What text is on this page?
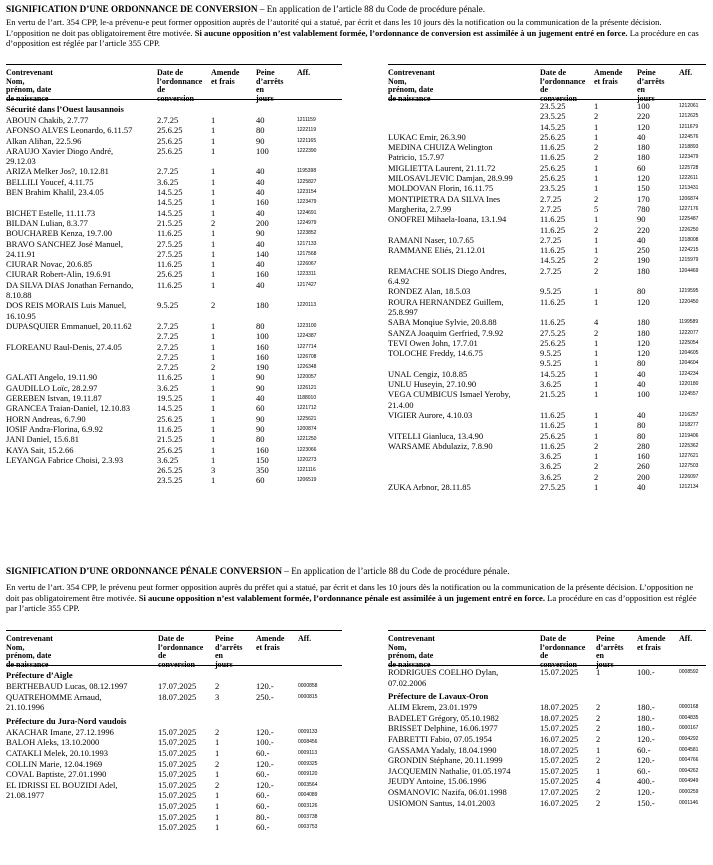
SIGNIFICATION D’UNE ORDONNANCE DE CONVERSION – En application de l’article 88 du Code de procédure pénale.
En vertu de l’art. 354 CPP, le-a prévenu-e peut former opposition auprès de l’autorité qui a statué, par écrit et dans les 10 jours dès la notification ou la communication de la présente décision. L’opposition ne doit pas obligatoirement être motivée. Si aucune opposition n’est valablement formée, l’ordonnance de conversion est assimilée à un jugement entré en force. La procédure en cas d’opposition est réglée par l’article 355 CPP.
Contrevenant
Nom, prénom, date de naissance
Date de
l’ordonnance
de conversion
Amende
et frais
Peine
d’arrêts
en jours
Aff.
Sécurité dans l’Ouest lausannois
ABOUN Chakib, 2.7.77	2.7.25	1	40	1211159
AFONSO ALVES Leonardo, 6.11.57	25.6.25	1	80	1222119
Alkan Alihan, 22.5.96	25.6.25	1	90	1221165
ARAUJO Xavier Diogo André,	25.6.25	1	100	1222390
29.12.03
ARIZA Melker Jos?, 10.12.81	2.7.25	1	40	1195398
BELLILI Youcef, 4.11.75	3.6.25	1	40	1225827
BEN Brahim Khalil, 23.4.05	14.5.25	1	40	1223154
14.5.25	1	160	1223479
BICHET Estelle, 11.11.73	14.5.25	1	40	1224691
BILDAN Lulian, 8.3.77	21.5.25	2	200	1224979
BOUCHAREB Kenza, 19.7.00	11.6.25	1	90	1223852
BRAVO SANCHEZ José Manuel,	27.5.25	1	40	1217133
24.11.91	27.5.25	1	140	1217568
CIURAR Novac, 20.6.85	11.6.25	1	40	1226067
CIURAR Robert-Alin, 19.6.91	25.6.25	1	160	1223311
DA SILVA DIAS Jonathan Fernando,	11.6.25	1	40	1217427
8.10.88
DOS REIS MORAIS Luis Manuel,	9.5.25	2	180	1220113
16.10.95
DUPASQUIER Emmanuel, 20.11.62	2.7.25	1	80	1223100
2.7.25	1	100	1224387
FLOREANU Raul-Denis, 27.4.05	2.7.25	1	160	1227714
2.7.25	1	160	1226708
2.7.25	2	190	1226348
GALATI Angelo, 19.11.90	11.6.25	1	90	1220057
GAUDILLO Loïc, 28.2.97	3.6.25	1	90	1226121
GEREBEN Istvan, 19.11.87	19.5.25	1	40	1188010
GRANCEA Traian-Daniel, 12.10.83	14.5.25	1	60	1221712
HORN Andreas, 6.7.90	25.6.25	1	90	1225621
IOSIF Andra-Florina, 6.9.92	11.6.25	1	90	1200874
JANI Daniel, 15.6.81	21.5.25	1	80	1221250
KAYA Sait, 15.2.66	25.6.25	1	160	1223066
LEYANGA Fabrice Choisi, 2.3.93	3.6.25	1	150	1220273
26.5.25	3	350	1221116
23.5.25	1	60	1206519
Contrevenant
Nom, prénom, date de naissance
Date de
l’ordonnance
de conversion
Amende
et frais
Peine
d’arrêts
en jours
Aff.
23.5.25	1	100	1212061
23.5.25	2	220	1212625
14.5.25	1	120	1211679
LUKAC Emir, 26.3.90	25.6.25	1	40	1224576
MEDINA CHUIZA Welington	11.6.25	2	180	1218893
Patricio, 15.7.97	11.6.25	2	180	1223479
MIGLIETTA Laurent, 21.11.72	25.6.25	1	60	1225728
MILOSAVLJEVIC Damjan, 28.9.99	25.6.25	1	120	1222611
MOLDOVAN Florin, 16.11.75	23.5.25	1	150	1213431
MONTIPIETRA DA SILVA Ines	2.7.25	2	170	1206874
Margherita, 2.7.99	2.7.25	5	780	1227176
ONOFREI Mihaela-Ioana, 13.1.94	11.6.25	1	90	1225487
11.6.25	2	220	1226250
RAMANI Naser, 10.7.65	2.7.25	1	40	1218008
RAMMANE Eliés, 21.12.01	11.6.25	1	250	1224215
14.5.25	2	190	1215979
REMACHE SOLIS Diego Andres,	2.7.25	2	180	1204469
6.4.92
RONDEZ Alan, 18.5.03	9.5.25	1	80	1219595
ROURA HERNANDEZ Guillem,	11.6.25	1	120	1220450
25.8.997
SABA Monqiue Sylvie, 20.8.88	11.6.25	4	180	1199589
SANZA Joaquim Gerfried, 7.9.92	27.5.25	2	180	1222077
TEVI Owen John, 17.7.01	25.6.25	1	120	1225054
TOLOCHE Freddy, 14.6.75	9.5.25	1	120	1204605
9.5.25	1	80	1204604
UNAL Cengiz, 10.8.85	14.5.25	1	40	1224234
UNLU Huseyin, 27.10.90	3.6.25	1	40	1220180
VEGA CUMBICUS Ismael Yeroby,	21.5.25	1	100	1224557
21.4.00
VIGIER Aurore, 4.10.03	11.6.25	1	40	1216257
11.6.25	1	80	1218277
VITELLI Gianluca, 13.4.90	25.6.25	1	80	1219406
WARSAME Abdulaziz, 7.8.90	11.6.25	2	280	1225362
3.6.25	1	160	1227621
3.6.25	2	260	1227503
3.6.25	2	200	1226097
ZUKA Arbnor, 28.11.85	27.5.25	1	40	1212134
SIGNIFICATION D’UNE ORDONNANCE PÉNALE CONVERSION – En application de l’article 88 du Code de procédure pénale.
En vertu de l’art. 354 CPP, le prévenu peut former opposition auprès du préfet qui a statué, par écrit et dans les 10 jours dès la notification ou la communication de la présente décision. L’opposition ne doit pas obligatoirement être motivée. Si aucune opposition n’est valablement formée, l’ordonnance pénale est assimilée à un jugement entré en force. La procédure en cas d’opposition est réglée par l’article 355 CPP.
Contrevenant
Nom, prénom, date de naissance
Date de
l’ordonnance
de conversion
Peine
d’arrêts
en jours
Amende
et frais
Aff.
Préfecture d’Aigle
BERTHEBAUD Lucas, 08.12.1997	17.07.2025 2	120.-	0000858
QUATREHOMME Arnaud,	18.07.2025 3	250.-	0000815
21.10.1996
Préfecture du Jura-Nord vaudois
AKACHAR Imane, 27.12.1996	15.07.2025 2	120.-	0009133
BALOH Aleks, 13.10.2000	15.07.2025 1	100.-	0008456
CATAKLI Melek, 20.10.1993	15.07.2025 1	60.-	0009113
COLLIN Marie, 12.04.1969	15.07.2025 2	120.-	0009325
COVAL Baptiste, 27.01.1990	15.07.2025 1	60.-	0009120
EL IDRISSI EL BOUZIDI Adel,	15.07.2025 2	120.-	0003564
21.08.1977	15.07.2025 1	60.-	0004089
15.07.2025 1	60.-	0003126
15.07.2025 1	80.-	0003738
15.07.2025 1	60.-	0003753
Contrevenant
Nom, prénom, date de naissance
Date de
l’ordonnance
de conversion
Peine
d’arrêts
en jours
Amende
et frais
Aff.
RODRIGUES COELHO Dylan,	15.07.2025 1	100.-	0008592
07.02.2006
Préfecture de Lavaux-Oron
ALIM Ekrem, 23.01.1979	18.07.2025 2	180.-	0000168
BADELET Grégory, 05.10.1982	18.07.2025 2	180.-	0004835
BRISSET Delphine, 16.06.1977	15.07.2025 2	180.-	0000167
FABRETTI Fabio, 07.05.1954	16.07.2025 2	120.-	0004292
GASSAMA Yadaly, 18.04.1990	18.07.2025 1	60.-	0004581
GRONDIN Stéphane, 20.11.1999	15.07.2025 2	120.-	0004766
JACQUEMIN Nathalie, 01.05.1974	15.07.2025 1	60.-	0004262
JEUDY Antoine, 15.06.1996	15.07.2025 4	400.-	0004949
OSMANOVIC Nazifa, 06.01.1998	17.07.2025 2	120.-	0000259
USIOMON Santus, 14.01.2003	16.07.2025 2	150.-	0001146
